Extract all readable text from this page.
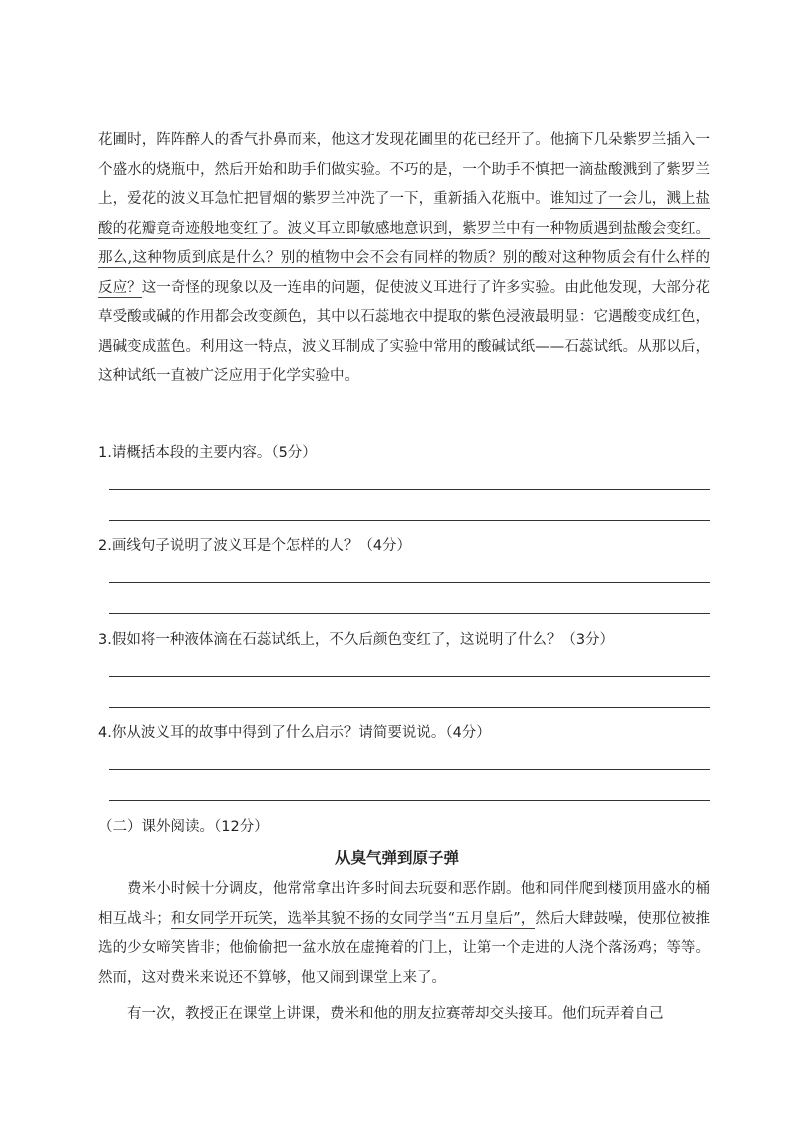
花圃时，阵阵醉人的香气扑鼻而来，他这才发现花圃里的花已经开了。他摘下几朵紫罗兰插入一个盛水的烧瓶中，然后开始和助手们做实验。不巧的是，一个助手不慎把一滴盐酸溅到了紫罗兰上，爱花的波义耳急忙把冒烟的紫罗兰冲洗了一下，重新插入花瓶中。谁知过了一会儿，溅上盐酸的花瓣竟奇迹般地变红了。波义耳立即敏感地意识到，紫罗兰中有一种物质遇到盐酸会变红。那么,这种物质到底是什么？别的植物中会不会有同样的物质？别的酸对这种物质会有什么样的反应？这一奇怪的现象以及一连串的问题，促使波义耳进行了许多实验。由此他发现，大部分花草受酸或碱的作用都会改变颜色，其中以石蕊地衣中提取的紫色浸液最明显：它遇酸变成红色，遇碱变成蓝色。利用这一特点，波义耳制成了实验中常用的酸碱试纸——石蕊试纸。从那以后，这种试纸一直被广泛应用于化学实验中。

1.请概括本段的主要内容。（5分）

2.画线句子说明了波义耳是个怎样的人？（4分）

3.假如将一种液体滴在石蕊试纸上，不久后颜色变红了，这说明了什么？（3分）

4.你从波义耳的故事中得到了什么启示？请简要说说。（4分）

（二）课外阅读。（12分）

从臭气弹到原子弹

费米小时候十分调皮，他常常拿出许多时间去玩耍和恶作剧。他和同伴爬到楼顶用盛水的桶相互战斗；和女同学开玩笑，选举其貌不扬的女同学当“五月皇后”，然后大肆鼓噪，使那位被推选的少女啼笑皆非；他偷偷把一盆水放在虚掩着的门上，让第一个走进的人浇个落汤鸡；等等。然而，这对费米来说还不算够，他又闹到课堂上来了。

有一次，教授正在课堂上讲课，费米和他的朋友拉赛蒂却交头接耳。他们玩弄着自己
